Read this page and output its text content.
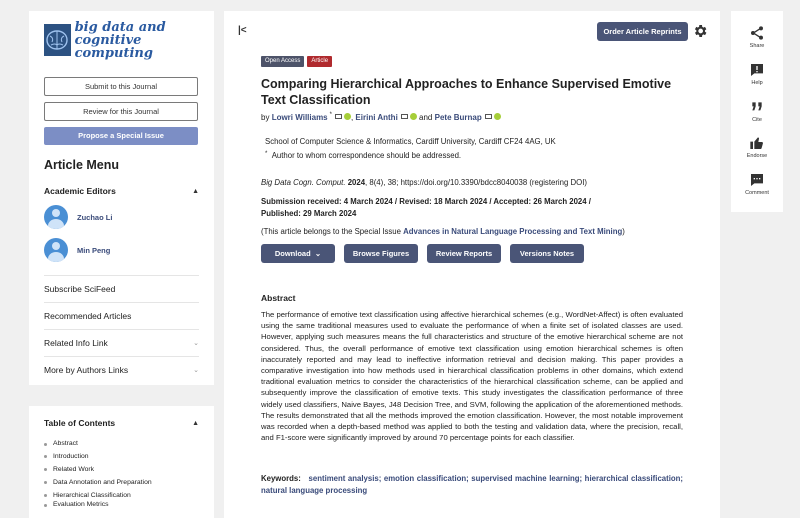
big data and
cognitive computing
Submit to this Journal
Review for this Journal
Propose a Special Issue
Article Menu
Academic Editors	▲
Zuchao Li
Min Peng
Subscribe SciFeed
Recommended Articles
Related Info Link	⌄
More by Authors Links	⌄
Table of Contents	▲
Abstract
Introduction
Related Work
Data Annotation and Preparation
Hierarchical Classification
Evaluation Metrics
|<	Order Article Reprints
Open Access	Article
Comparing Hierarchical Approaches to Enhance Supervised Emotive Text Classification
by
Lowri Williams * , Eirini Anthi
	and
Pete Burnap
School of Computer Science & Informatics, Cardiff University, Cardiff CF24 4AG, UK
* Author to whom correspondence should be addressed.
Big Data Cogn. Comput. 2024, 8(4), 38; https://doi.org/10.3390/bdcc8040038 (registering DOI)
Submission received: 4 March 2024 / Revised: 18 March 2024 / Accepted: 26 March 2024 /
Published: 29 March 2024
(This article belongs to the Special Issue Advances in Natural Language Processing and Text Mining)
Download  ⌄	Browse Figures	Review Reports	Versions Notes
Abstract
The performance of emotive text classification using affective hierarchical schemes (e.g., WordNet-Affect) is often evaluated using the same traditional measures used to evaluate the performance of when a finite set of isolated classes are used. However, applying such measures means the full characteristics and structure of the emotive hierarchical scheme are not considered. Thus, the overall performance of emotive text classification using emotion hierarchical schemes is often inaccurately reported and may lead to ineffective information retrieval and decision making. This paper provides a comparative investigation into how methods used in hierarchical classification problems in other domains, which extend traditional evaluation metrics to consider the characteristics of the hierarchical classification scheme, can be applied and subsequently improve the classification of emotive texts. This study investigates the classification performance of three widely used classifiers, Naive Bayes, J48 Decision Tree, and SVM, following the application of the aforementioned methods. The results demonstrated that all the methods improved the emotion classification. However, the most notable improvement was recorded when a depth-based method was applied to both the testing and validation data, where the precision, recall, and F1-score were significantly improved by around 70 percentage points for each classifier.
Keywords: sentiment analysis; emotion classification; supervised machine learning; hierarchical classification; natural language processing
Share
Help
Cite
Endorse
Comment
